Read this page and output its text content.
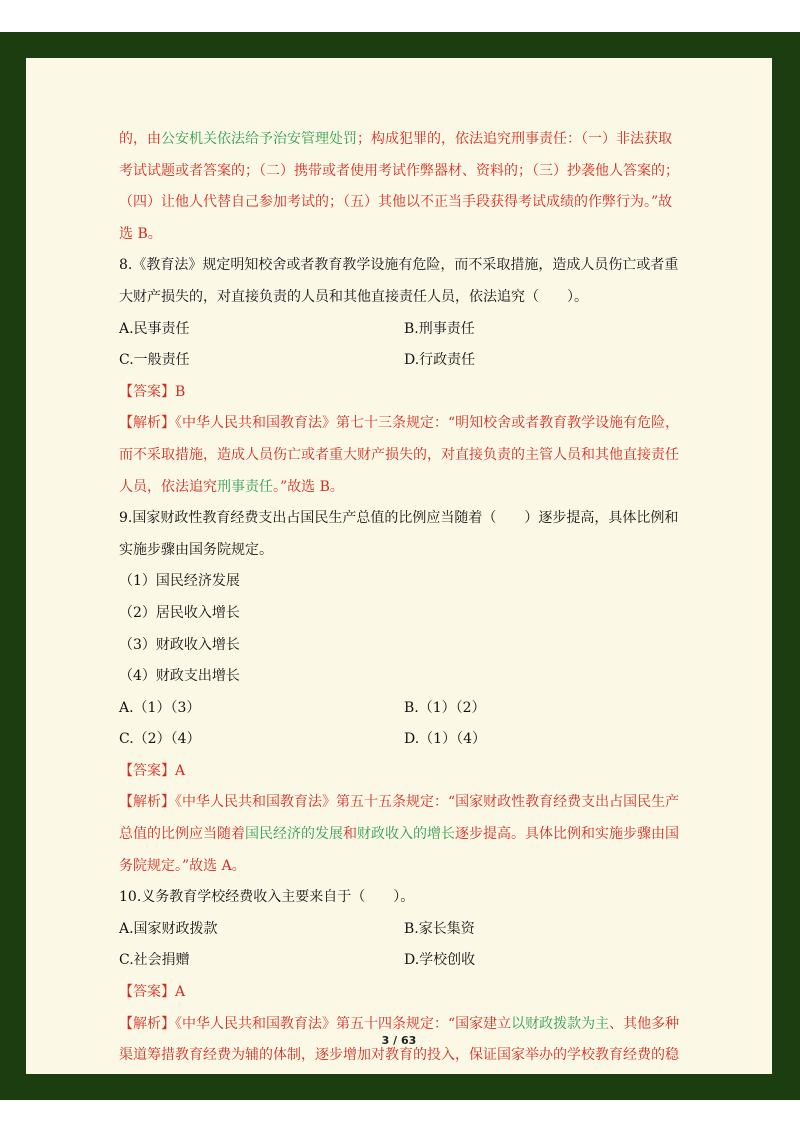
的，由公安机关依法给予治安管理处罚；构成犯罪的，依法追究刑事责任：（一）非法获取
考试试题或者答案的；（二）携带或者使用考试作弊器材、资料的；（三）抄袭他人答案的；
（四）让他人代替自己参加考试的；（五）其他以不正当手段获得考试成绩的作弊行为。”故
选 B。
8.《教育法》规定明知校舍或者教育教学设施有危险，而不采取措施，造成人员伤亡或者重
大财产损失的，对直接负责的人员和其他直接责任人员，依法追究（　　）。
A.民事责任	B.刑事责任
C.一般责任	D.行政责任
【答案】B
【解析】《中华人民共和国教育法》第七十三条规定：“明知校舍或者教育教学设施有危险，
而不采取措施，造成人员伤亡或者重大财产损失的，对直接负责的主管人员和其他直接责任
人员，依法追究刑事责任。”故选 B。
9.国家财政性教育经费支出占国民生产总值的比例应当随着（　　）逐步提高，具体比例和
实施步骤由国务院规定。
（1）国民经济发展
（2）居民收入增长
（3）财政收入增长
（4）财政支出增长
A.（1）（3）	B.（1）（2）
C.（2）（4）	D.（1）（4）
【答案】A
【解析】《中华人民共和国教育法》第五十五条规定：“国家财政性教育经费支出占国民生产
总值的比例应当随着国民经济的发展和财政收入的增长逐步提高。具体比例和实施步骤由国
务院规定。”故选 A。
10.义务教育学校经费收入主要来自于（　　）。
A.国家财政拨款	B.家长集资
C.社会捐赠	D.学校创收
【答案】A
【解析】《中华人民共和国教育法》第五十四条规定：“国家建立以财政拨款为主、其他多种
渠道筹措教育经费为辅的体制，逐步增加对教育的投入，保证国家举办的学校教育经费的稳
3 / 63
